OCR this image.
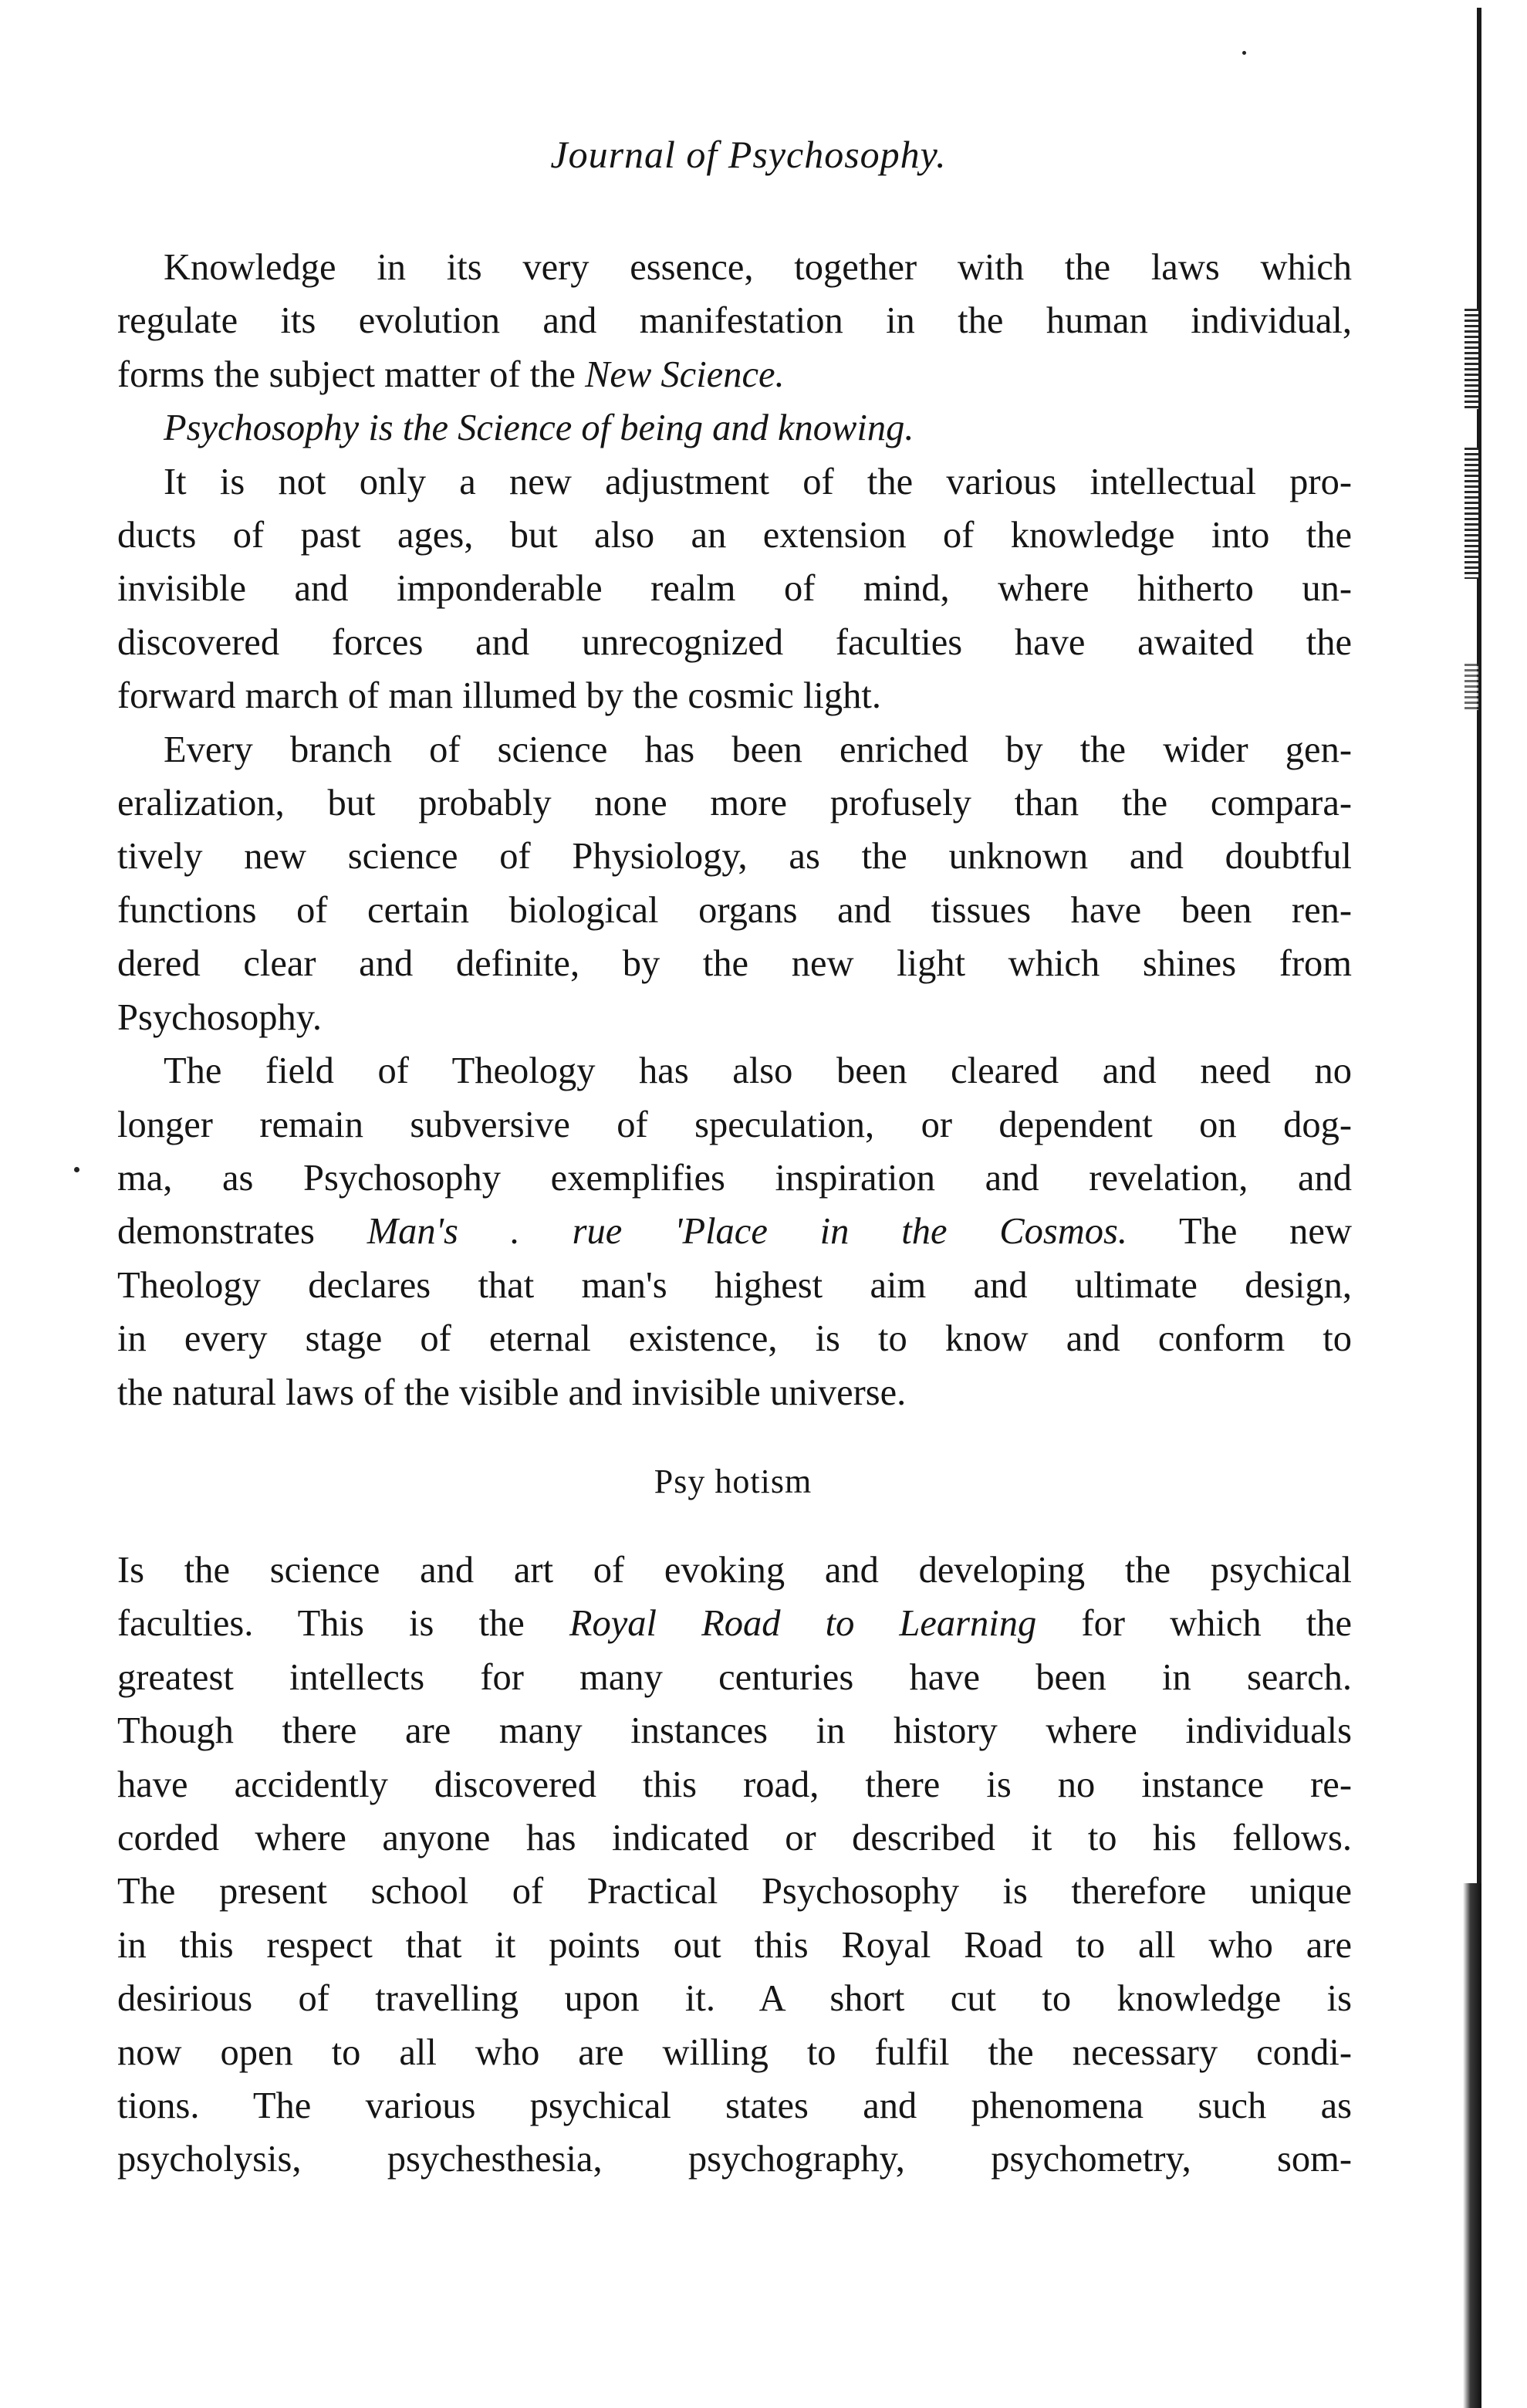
Journal of Psychosophy.

Knowledge in its very essence, together with the laws which
regulate its evolution and manifestation in the human individual,
forms the subject matter of the New Science.

Psychosophy is the Science of being and knowing.

It is not only a new adjustment of the various intellectual pro-
ducts of past ages, but also an extension of knowledge into the
invisible and imponderable realm of mind, where hitherto un-
discovered forces and unrecognized faculties have awaited the
forward march of man illumed by the cosmic light.

Every branch of science has been enriched by the wider gen-
eralization, but probably none more profusely than the compara-
tively new science of Physiology, as the unknown and doubtful
functions of certain biological organs and tissues have been ren-
dered clear and definite, by the new light which shines from
Psychosophy.

The field of Theology has also been cleared and need no
longer remain subversive of speculation, or dependent on dog-
ma, as Psychosophy exemplifies inspiration and revelation, and
demonstrates Man's . rue 'Place in the Cosmos. The new
Theology declares that man's highest aim and ultimate design,
in every stage of eternal existence, is to know and conform to
the natural laws of the visible and invisible universe.

Psy hotism

Is the science and art of evoking and developing the psychical
faculties. This is the Royal Road to Learning for which the
greatest intellects for many centuries have been in search.
Though there are many instances in history where individuals
have accidently discovered this road, there is no instance re-
corded where anyone has indicated or described it to his fellows.
The present school of Practical Psychosophy is therefore unique
in this respect that it points out this Royal Road to all who are
desirious of travelling upon it. A short cut to knowledge is
now open to all who are willing to fulfil the necessary condi-
tions. The various psychical states and phenomena such as
psycholysis, psychesthesia, psychography, psychometry, som-
